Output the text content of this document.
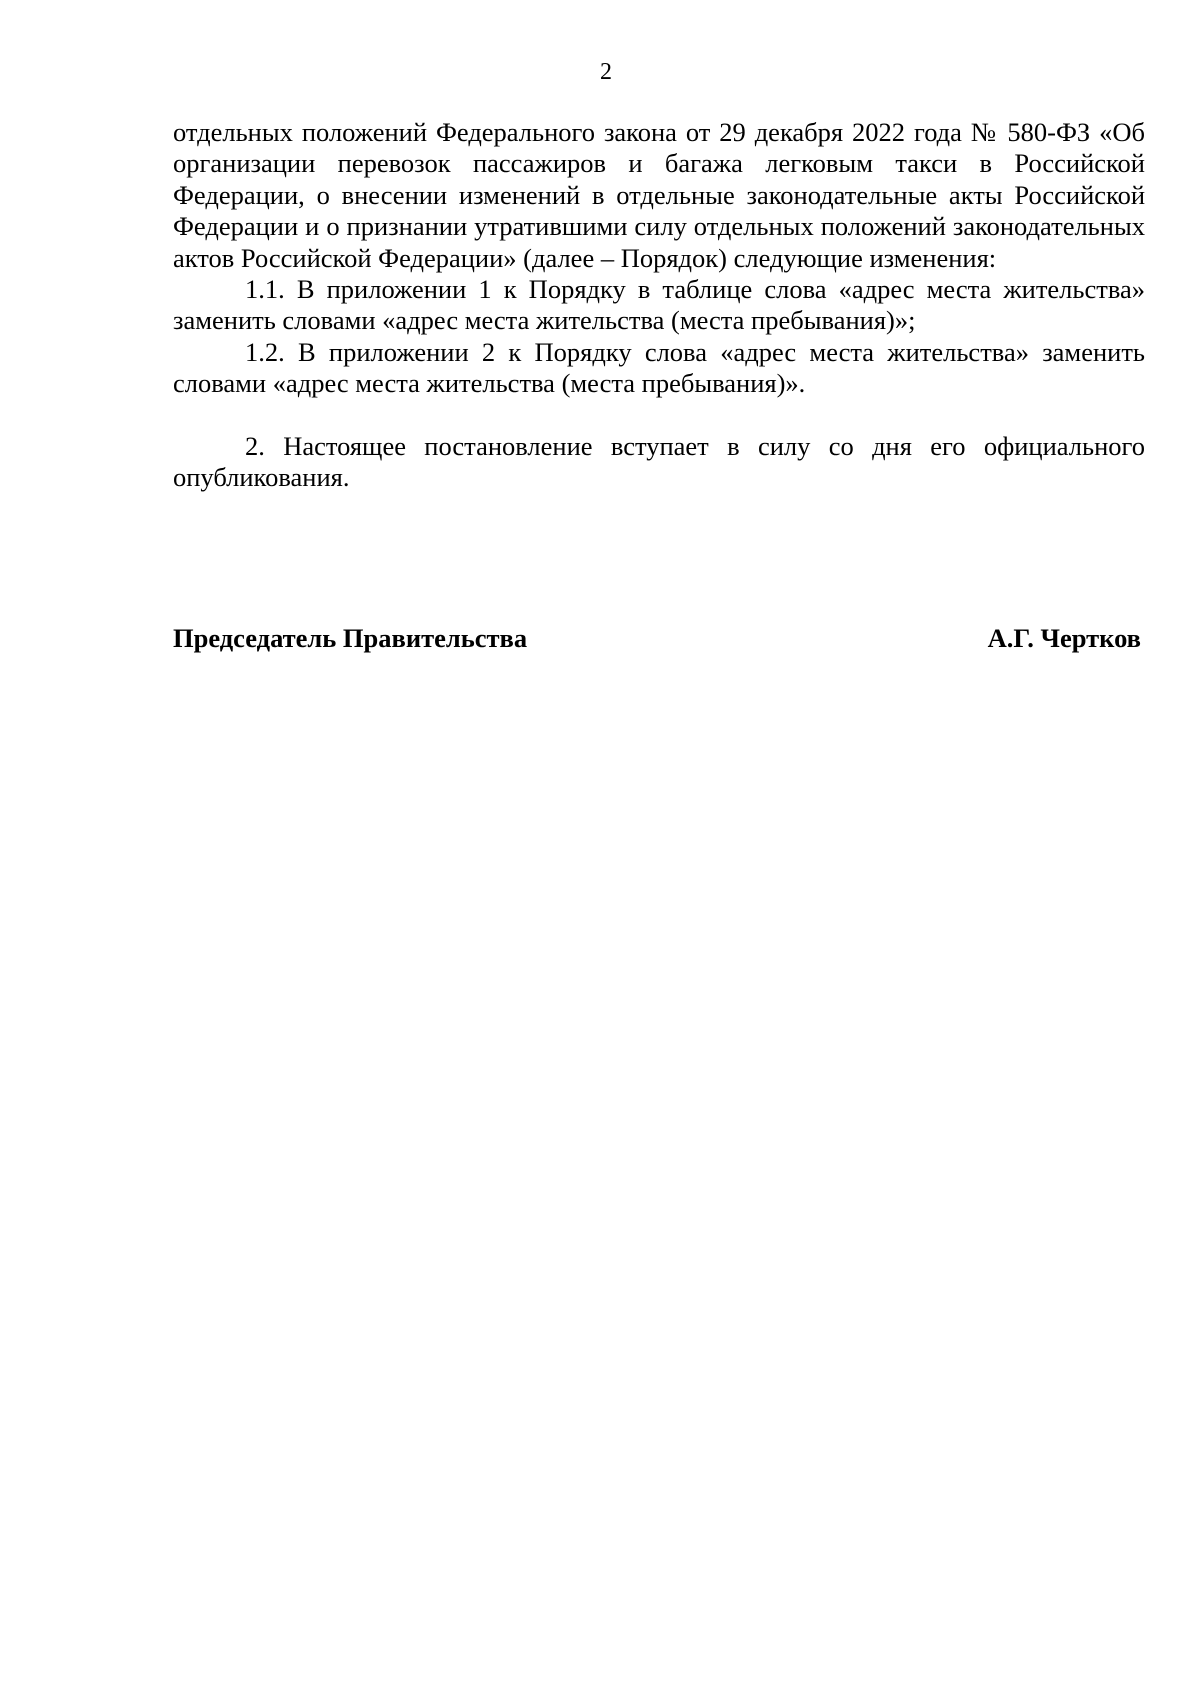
2

отдельных положений Федерального закона от 29 декабря 2022 года № 580-ФЗ «Об организации перевозок пассажиров и багажа легковым такси в Российской Федерации, о внесении изменений в отдельные законодательные акты Российской Федерации и о признании утратившими силу отдельных положений законодательных актов Российской Федерации» (далее – Порядок) следующие изменения:

1.1. В приложении 1 к Порядку в таблице слова «адрес места жительства» заменить словами «адрес места жительства (места пребывания)»;

1.2. В приложении 2 к Порядку слова «адрес места жительства» заменить словами «адрес места жительства (места пребывания)».

2. Настоящее постановление вступает в силу со дня его официального опубликования.

Председатель Правительства	А.Г. Чертков
